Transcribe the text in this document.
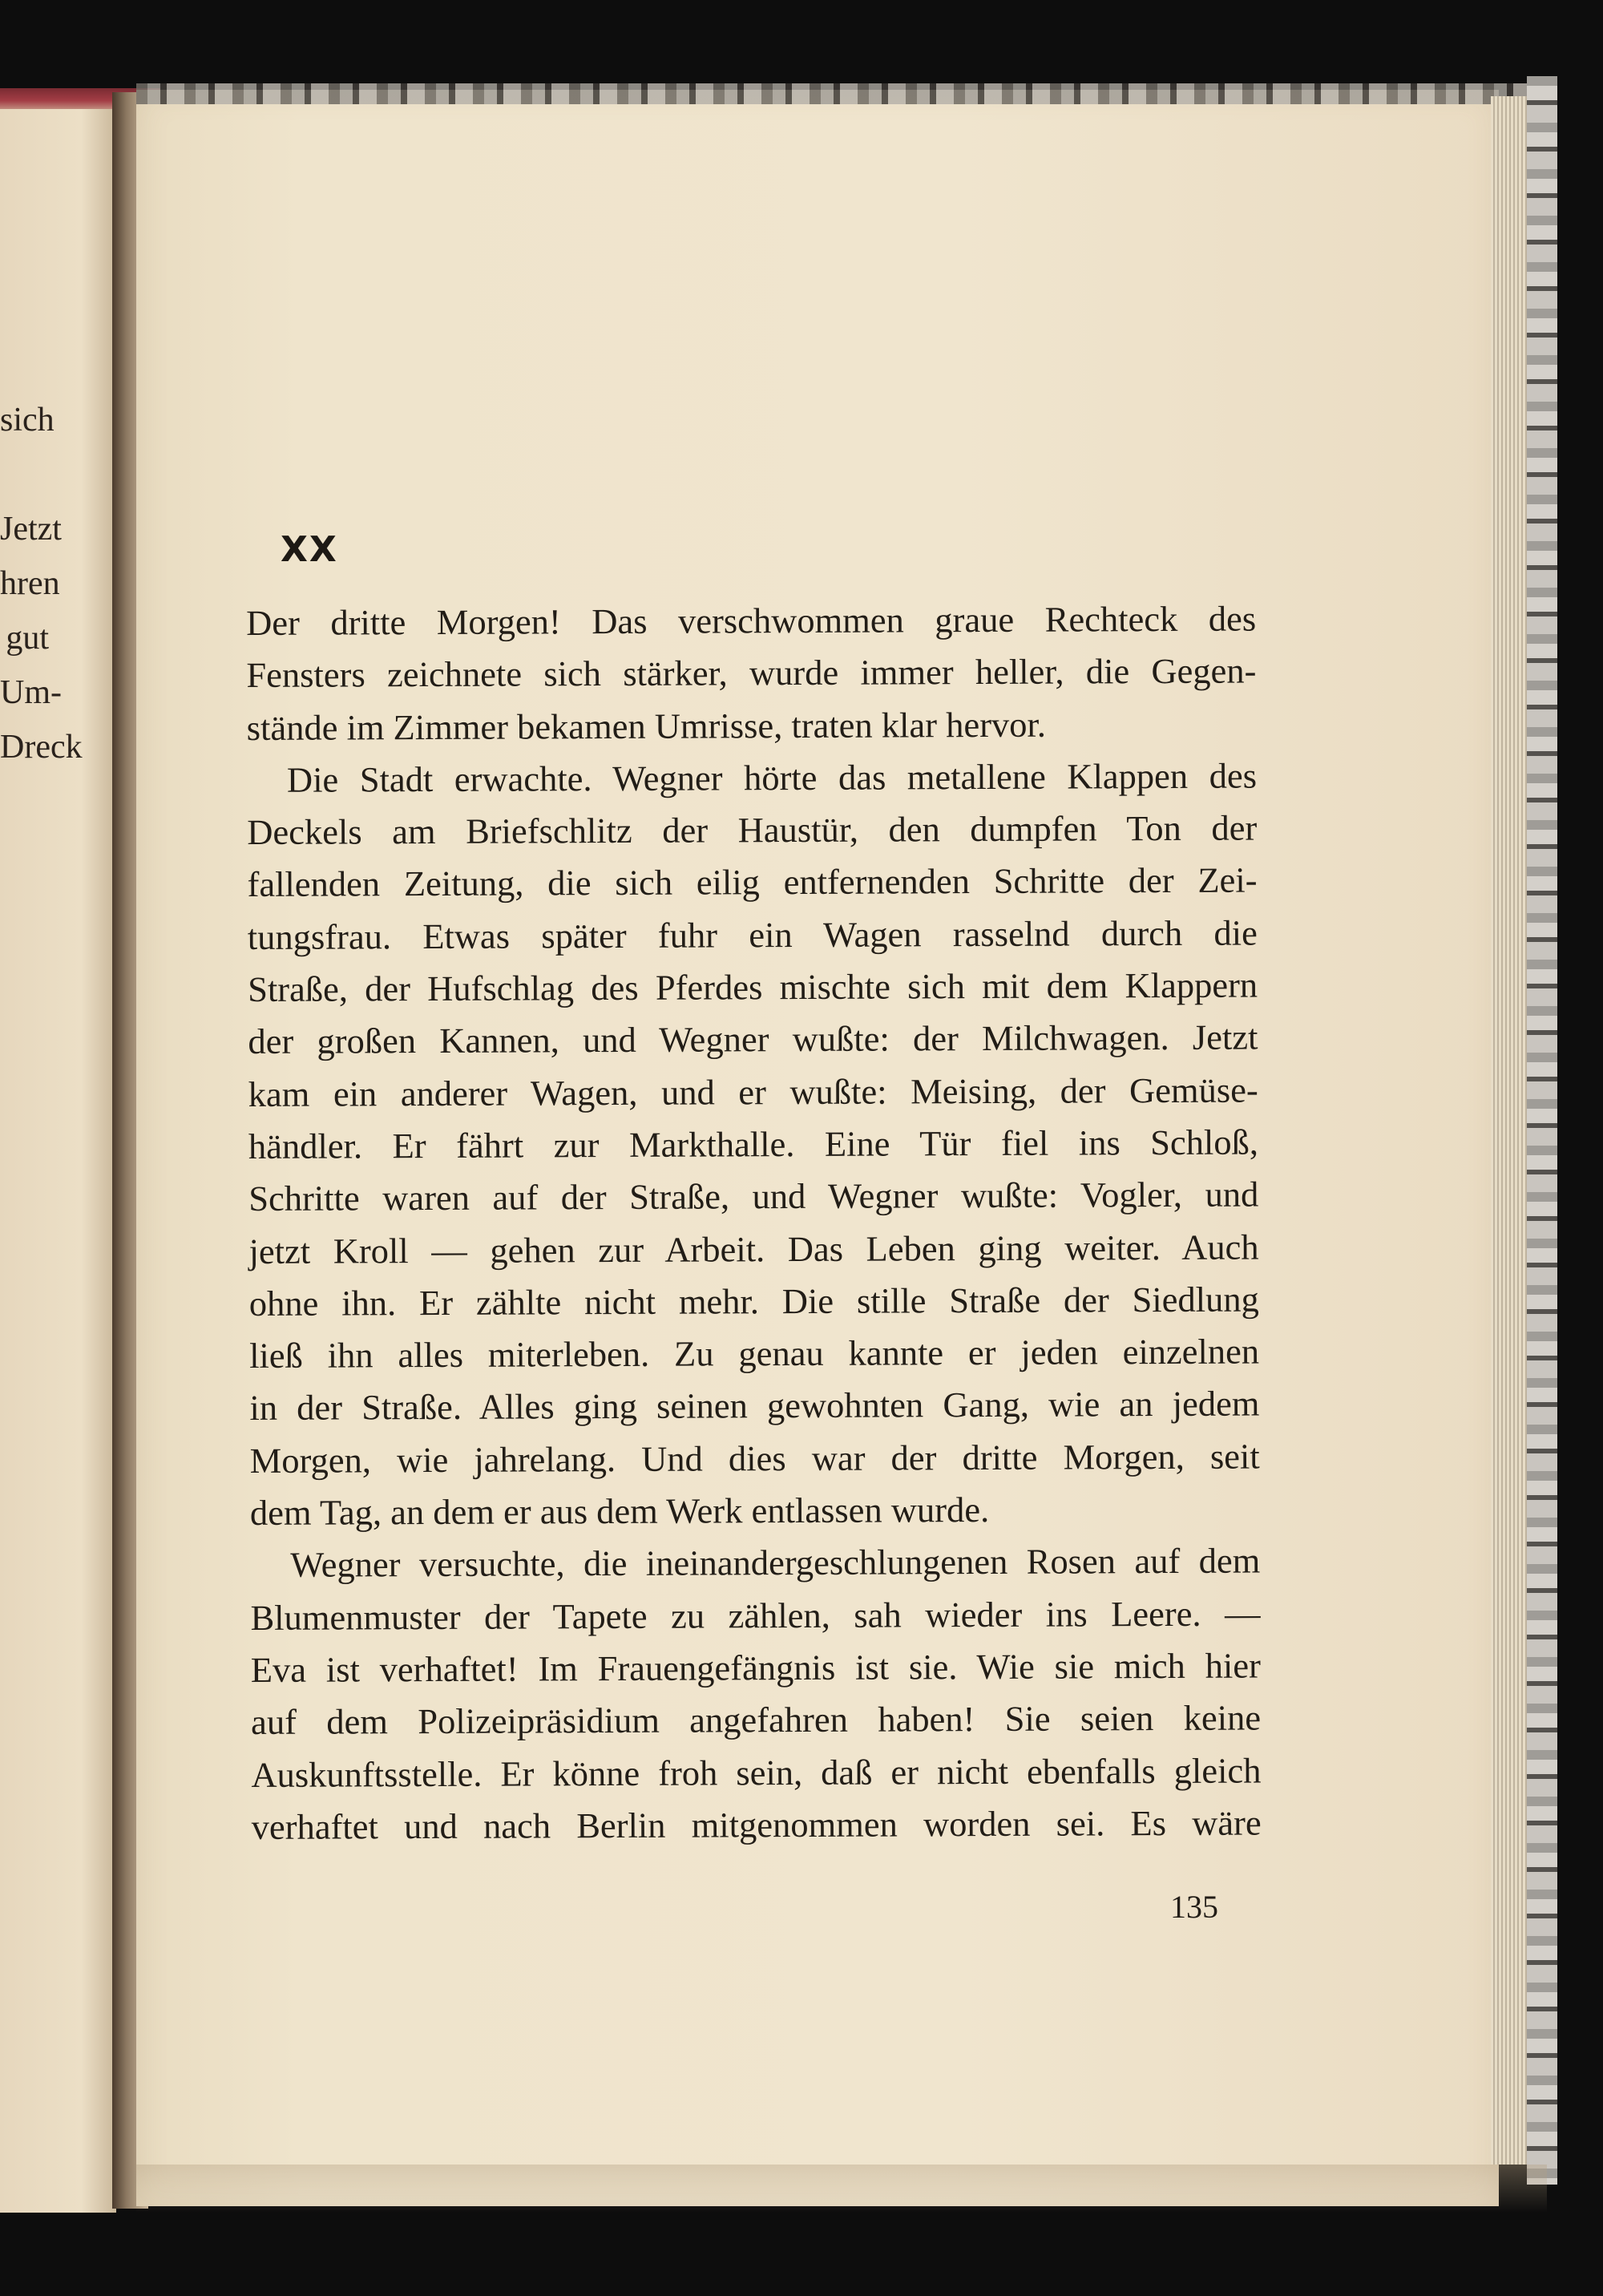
sich
Jetzt
hren
gut
Um-
Dreck
XX

Der dritte Morgen! Das verschwommen graue Rechteck des
Fensters zeichnete sich stärker, wurde immer heller, die Gegen-
stände im Zimmer bekamen Umrisse, traten klar hervor.

Die Stadt erwachte. Wegner hörte das metallene Klappen des
Deckels am Briefschlitz der Haustür, den dumpfen Ton der
fallenden Zeitung, die sich eilig entfernenden Schritte der Zei-
tungsfrau. Etwas später fuhr ein Wagen rasselnd durch die
Straße, der Hufschlag des Pferdes mischte sich mit dem Klappern
der großen Kannen, und Wegner wußte: der Milchwagen. Jetzt
kam ein anderer Wagen, und er wußte: Meising, der Gemüse-
händler. Er fährt zur Markthalle. Eine Tür fiel ins Schloß,
Schritte waren auf der Straße, und Wegner wußte: Vogler, und
jetzt Kroll — gehen zur Arbeit. Das Leben ging weiter. Auch
ohne ihn. Er zählte nicht mehr. Die stille Straße der Siedlung
ließ ihn alles miterleben. Zu genau kannte er jeden einzelnen
in der Straße. Alles ging seinen gewohnten Gang, wie an jedem
Morgen, wie jahrelang. Und dies war der dritte Morgen, seit
dem Tag, an dem er aus dem Werk entlassen wurde.

Wegner versuchte, die ineinandergeschlungenen Rosen auf dem
Blumenmuster der Tapete zu zählen, sah wieder ins Leere. —
Eva ist verhaftet! Im Frauengefängnis ist sie. Wie sie mich hier
auf dem Polizeipräsidium angefahren haben! Sie seien keine
Auskunftsstelle. Er könne froh sein, daß er nicht ebenfalls gleich
verhaftet und nach Berlin mitgenommen worden sei. Es wäre

135
